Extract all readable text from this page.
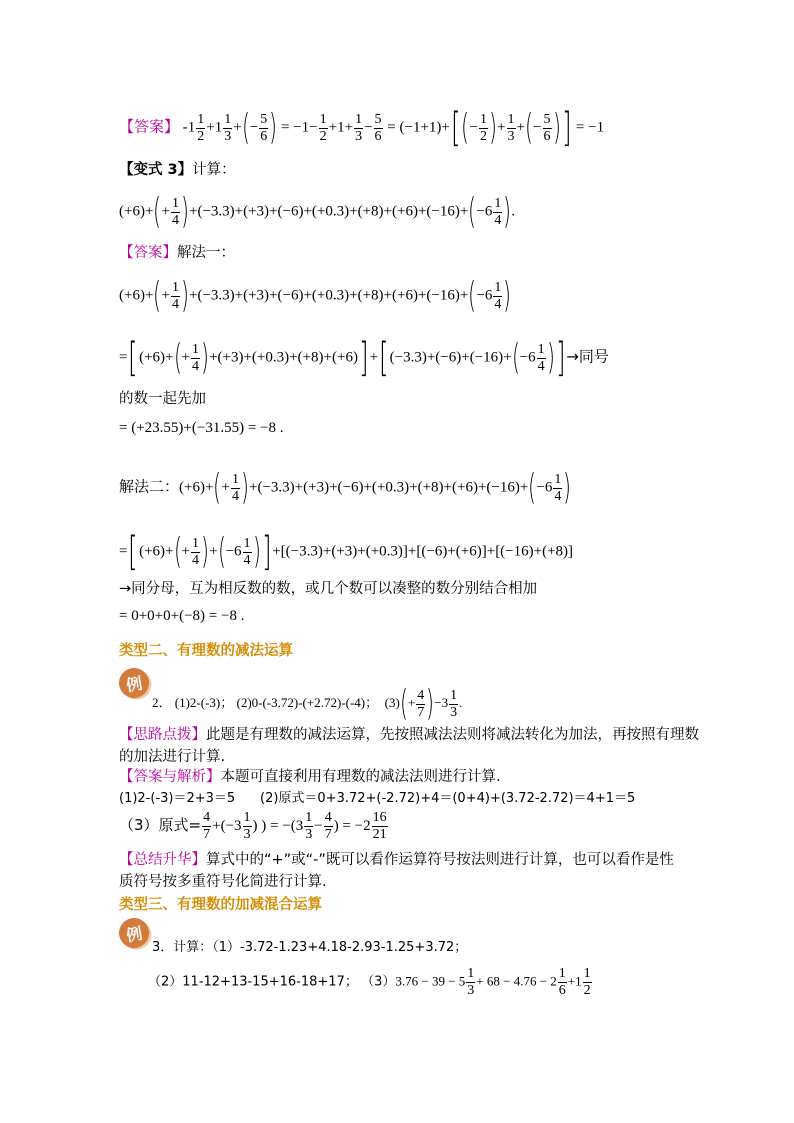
【答案】 $-1 \frac{1}{2} +1 \frac{1}{3}$ +(− $\frac{5}{6}$ ) = $-1- \frac{1}{2} +1+ \frac{1}{3} - \frac{5}{6} = (-1+1)+[(- \frac{1}{2}$ )+ $\frac{1}{3}$ +(− $\frac{5}{6}$ )] = −1
【变式 3】计算：
$(+6)+(+ \frac{1}{4} )+(-3.3)+(+3)+(-6)+(+0.3)+(+8)+(+6)+(-16)+(-6 \frac{1}{4}$ ).
【答案】解法一：
$(+6)+(+ \frac{1}{4} )+(-3.3)+(+3)+(-6)+(+0.3)+(+8)+(+6)+(-16)+(-6 \frac{1}{4}$ )
$=[(+6)+(+ \frac{1}{4} )+(+3)+(+0.3)+(+8)+(+6)]+[(-3.3)+(-6)+(-16)+(-6 \frac{1}{4}$ )]→同号
的数一起先加
= (+23.55)+(−31.55) = −8 .
解法二：$(+6)+(+ \frac{1}{4} )+(-3.3)+(+3)+(-6)+(+0.3)+(+8)+(+6)+(-16)+(-6 \frac{1}{4}$ )
$=[(+6)+(+ \frac{1}{4} )+(-6 \frac{1}{4} )]+[(-3.3)+(+3)+(+0.3)]+[(-6)+(+6)]+[(-16)+(+8)]$
→同分母，互为相反数的数，或几个数可以凑整的数分别结合相加
= 0+0+0+(−8) = −8 .
类型二、有理数的减法运算
例
2． (1)2-(-3)； (2)0-(-3.72)-(+2.72)-(-4)； $(3)(+ \frac{4}{7} )-3 \frac{1}{3}$ .
【思路点拨】此题是有理数的减法运算，先按照减法法则将减法转化为加法，再按照有理数
的加法进行计算.
【答案与解析】本题可直接利用有理数的减法法则进行计算.
(1)2-(-3)＝2+3＝5 (2)原式＝0+3.72+(-2.72)+4＝(0+4)+(3.72-2.72)＝4+1＝5
（3）原式= $\frac{4}{7} +(-3 \frac{1}{3}$ ) ) = $-(3 \frac{1}{3} - \frac{4}{7}$ ) = $-2 \frac{16}{21}$
【总结升华】算式中的“+”或“-”既可以看作运算符号按法则进行计算，也可以看作是性
质符号按多重符号化简进行计算.
类型三、有理数的加减混合运算
例
3．计算：（1）-3.72-1.23+4.18-2.93-1.25+3.72；
（2）11-12+13-15+16-18+17； $(3)3.76 - 39 - 5 \frac{1}{3} + 68 - 4.76 - 2 \frac{1}{6} +1 \frac{1}{2}$
